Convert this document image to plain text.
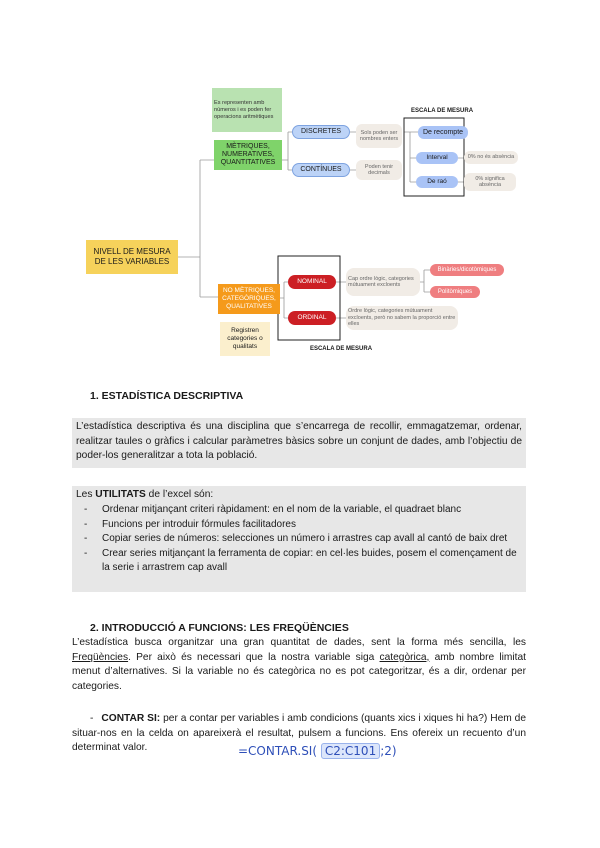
NIVELL DE MESURA DE LES VARIABLES
Es representen amb números i es poden fer operacions aritmètiques
MÈTRIQUES, NUMERATIVES, QUANTITATIVES
DISCRETES	Sols poden ser nombres enters
CONTÍNUES	Poden tenir decimals
ESCALA DE MESURA
De recompte
Interval	0% no és absència
De raó	0% significa absència
NO MÈTRIQUES, CATEGÒRIQUES, QUALITATIVES
Registren categories o qualitats
NOMINAL	Cap ordre lògic, categories mútuament excloents
Binàries/dicotòmiques
Politòmiques
ORDINAL
Ordre lògic, categories mútuament excloents, però no sabem la proporció entre elles
ESCALA DE MESURA
1. ESTADÍSTICA DESCRIPTIVA
L’estadística descriptiva és una disciplina que s’encarrega de recollir, emmagatzemar, ordenar, realitzar taules o gràfics i calcular paràmetres bàsics sobre un conjunt de dades, amb l’objectiu de poder-los generalitzar a tota la població.
Les UTILITATS de l’excel són:
- Ordenar mitjançant criteri ràpidament: en el nom de la variable, el quadraet blanc
- Funcions per introduir fórmules facilitadores
- Copiar series de números: selecciones un número i arrastres cap avall al cantó de baix dret
- Crear series mitjançant la ferramenta de copiar: en cel·les buides, posem el començament de la serie i arrastrem cap avall
2. INTRODUCCIÓ A FUNCIONS: LES FREQÜÈNCIES
L’estadística busca organitzar una gran quantitat de dades, sent la forma més sencilla, les Freqüències. Per això és necessari que la nostra variable siga categòrica, amb nombre limitat menut d’alternatives. Si la variable no és categòrica no es pot categoritzar, és a dir, ordenar per categories.
- CONTAR SI: per a contar per variables i amb condicions (quants xics i xiques hi ha?) Hem de situar-nos en la celda on apareixerà el resultat, pulsem a funcions. Ens ofereix un recuento d’un determinat valor.	=CONTAR.SI( C2:C101 ;2)
